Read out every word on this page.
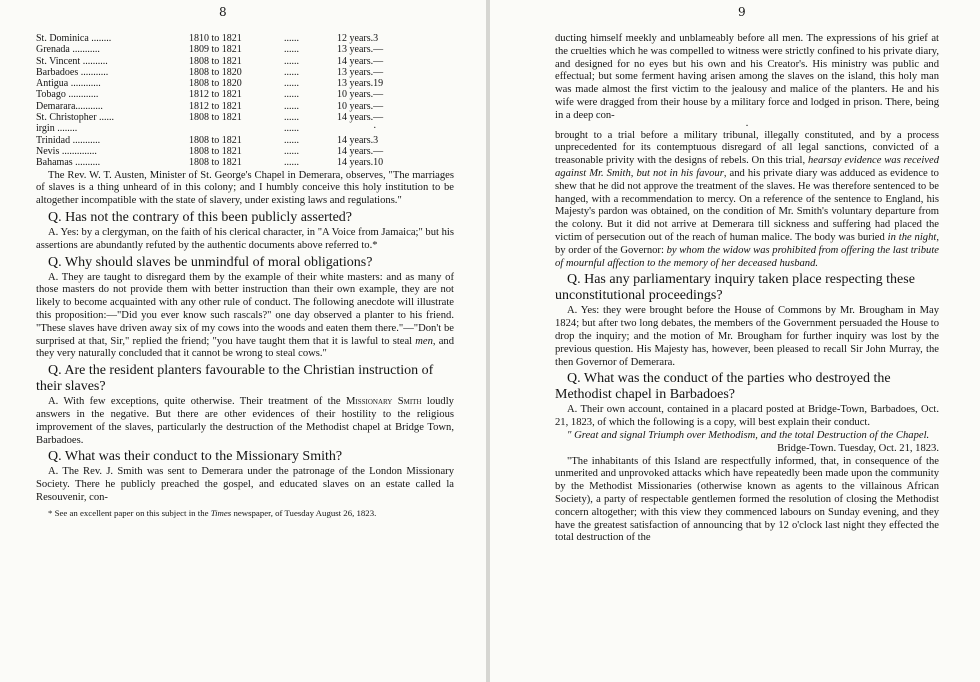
8
St. Dominica ........	1810 to 1821	......	12 years.	3
Grenada ...........	1809 to 1821	......	13 years.	—
St. Vincent ..........	1808 to 1821	......	14 years.	—
Barbadoes ...........	1808 to 1820	......	13 years.	—
Antigua ............	1808 to 1820	......	13 years.	19
Tobago ............	1812 to 1821	......	10 years.	—
Demarara...........	1812 to 1821	......	10 years.	—
St. Christopher ......	1808 to 1821	......	14 years.	—
irgin ........		......		·
Trinidad ...........	1808 to 1821	......	14 years.	3
Nevis ..............	1808 to 1821	......	14 years.	—
Bahamas ..........	1808 to 1821	......	14 years.	10

The Rev. W. T. Austen, Minister of St. George's Chapel in Demerara, observes, "The marriages of slaves is a thing unheard of in this colony; and I humbly conceive this holy institution to be altogether incompatible with the state of slavery, under existing laws and regulations."

Q. Has not the contrary of this been publicly asserted?

A. Yes: by a clergyman, on the faith of his clerical character, in "A Voice from Jamaica;" but his assertions are abundantly refuted by the authentic documents above referred to.*

Q. Why should slaves be unmindful of moral obligations?

A. They are taught to disregard them by the example of their white masters: and as many of those masters do not provide them with better instruction than their own example, they are not likely to become acquainted with any other rule of conduct. The following anecdote will illustrate this proposition:—"Did you ever know such rascals?" one day observed a planter to his friend. "These slaves have driven away six of my cows into the woods and eaten them there."—"Don't be surprised at that, Sir," replied the friend; "you have taught them that it is lawful to steal men, and they very naturally concluded that it cannot be wrong to steal cows."

Q. Are the resident planters favourable to the Christian instruction of their slaves?

A. With few exceptions, quite otherwise. Their treatment of the Missionary Smith loudly answers in the negative. But there are other evidences of their hostility to the religious improvement of the slaves, particularly the destruction of the Methodist chapel at Bridge Town, Barbadoes.

Q. What was their conduct to the Missionary Smith?

A. The Rev. J. Smith was sent to Demerara under the patronage of the London Missionary Society. There he publicly preached the gospel, and educated slaves on an estate called la Resouvenir, con-

* See an excellent paper on this subject in the Times newspaper, of Tuesday August 26, 1823.

9

ducting himself meekly and unblameably before all men. The expressions of his grief at the cruelties which he was compelled to witness were strictly confined to his private diary, and designed for no eyes but his own and his Creator's. His ministry was public and effectual; but some ferment having arisen among the slaves on the island, this holy man was made almost the first victim to the jealousy and malice of the planters. He and his wife were dragged from their house by a military force and lodged in prison. There, being in a deep con-

·

brought to a trial before a military tribunal, illegally constituted, and by a process unprecedented for its contemptuous disregard of all legal sanctions, convicted of a treasonable privity with the designs of rebels. On this trial, hearsay evidence was received against Mr. Smith, but not in his favour, and his private diary was adduced as evidence to shew that he did not approve the treatment of the slaves. He was therefore sentenced to be hanged, with a recommendation to mercy. On a reference of the sentence to England, his Majesty's pardon was obtained, on the condition of Mr. Smith's voluntary departure from the colony. But it did not arrive at Demerara till sickness and suffering had placed the victim of persecution out of the reach of human malice. The body was buried in the night, by order of the Governor: by whom the widow was prohibited from offering the last tribute of mournful affection to the memory of her deceased husband.

Q. Has any parliamentary inquiry taken place respecting these unconstitutional proceedings?

A. Yes: they were brought before the House of Commons by Mr. Brougham in May 1824; but after two long debates, the members of the Government persuaded the House to drop the inquiry; and the motion of Mr. Brougham for further inquiry was lost by the previous question. His Majesty has, however, been pleased to recall Sir John Murray, the then Governor of Demerara.

Q. What was the conduct of the parties who destroyed the Methodist chapel in Barbadoes?

A. Their own account, contained in a placard posted at Bridge-Town, Barbadoes, Oct. 21, 1823, of which the following is a copy, will best explain their conduct.

" Great and signal Triumph over Methodism, and the total Destruction of the Chapel.

Bridge-Town. Tuesday, Oct. 21, 1823.

"The inhabitants of this Island are respectfully informed, that, in consequence of the unmerited and unprovoked attacks which have repeatedly been made upon the community by the Methodist Missionaries (otherwise known as agents to the villainous African Society), a party of respectable gentlemen formed the resolution of closing the Methodist concern altogether; with this view they commenced labours on Sunday evening, and they have the greatest satisfaction of announcing that by 12 o'clock last night they effected the total destruction of the
